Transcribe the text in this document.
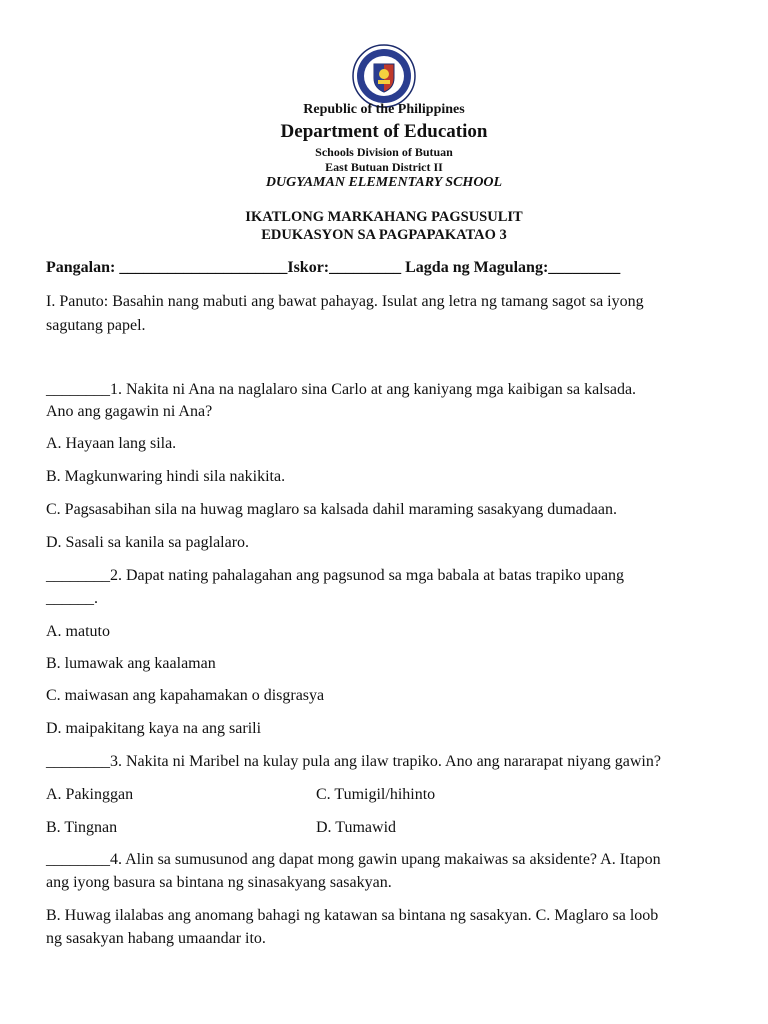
Republic of the Philippines
Department of Education
Schools Division of Butuan
East Butuan District II
DUGYAMAN ELEMENTARY SCHOOL
IKATLONG MARKAHANG PAGSUSULIT
EDUKASYON SA PAGPAPAKATAO 3
Pangalan: _____________________Iskor:_________ Lagda ng Magulang:_________
I. Panuto: Basahin nang mabuti ang bawat pahayag. Isulat ang letra ng tamang sagot sa iyong
sagutang papel.
________1. Nakita ni Ana na naglalaro sina Carlo at ang kaniyang mga kaibigan sa kalsada.
Ano ang gagawin ni Ana?
A. Hayaan lang sila.
B. Magkunwaring hindi sila nakikita.
C. Pagsasabihan sila na huwag maglaro sa kalsada dahil maraming sasakyang dumadaan.
D. Sasali sa kanila sa paglalaro.
________2. Dapat nating pahalagahan ang pagsunod sa mga babala at batas trapiko upang
______.
A. matuto
B. lumawak ang kaalaman
C. maiwasan ang kapahamakan o disgrasya
D. maipakitang kaya na ang sarili
________3. Nakita ni Maribel na kulay pula ang ilaw trapiko. Ano ang nararapat niyang gawin?
A. Pakinggan	C. Tumigil/hihinto
B. Tingnan	D. Tumawid
________4. Alin sa sumusunod ang dapat mong gawin upang makaiwas sa aksidente? A. Itapon
ang iyong basura sa bintana ng sinasakyang sasakyan.
B. Huwag ilalabas ang anomang bahagi ng katawan sa bintana ng sasakyan. C. Maglaro sa loob
ng sasakyan habang umaandar ito.
